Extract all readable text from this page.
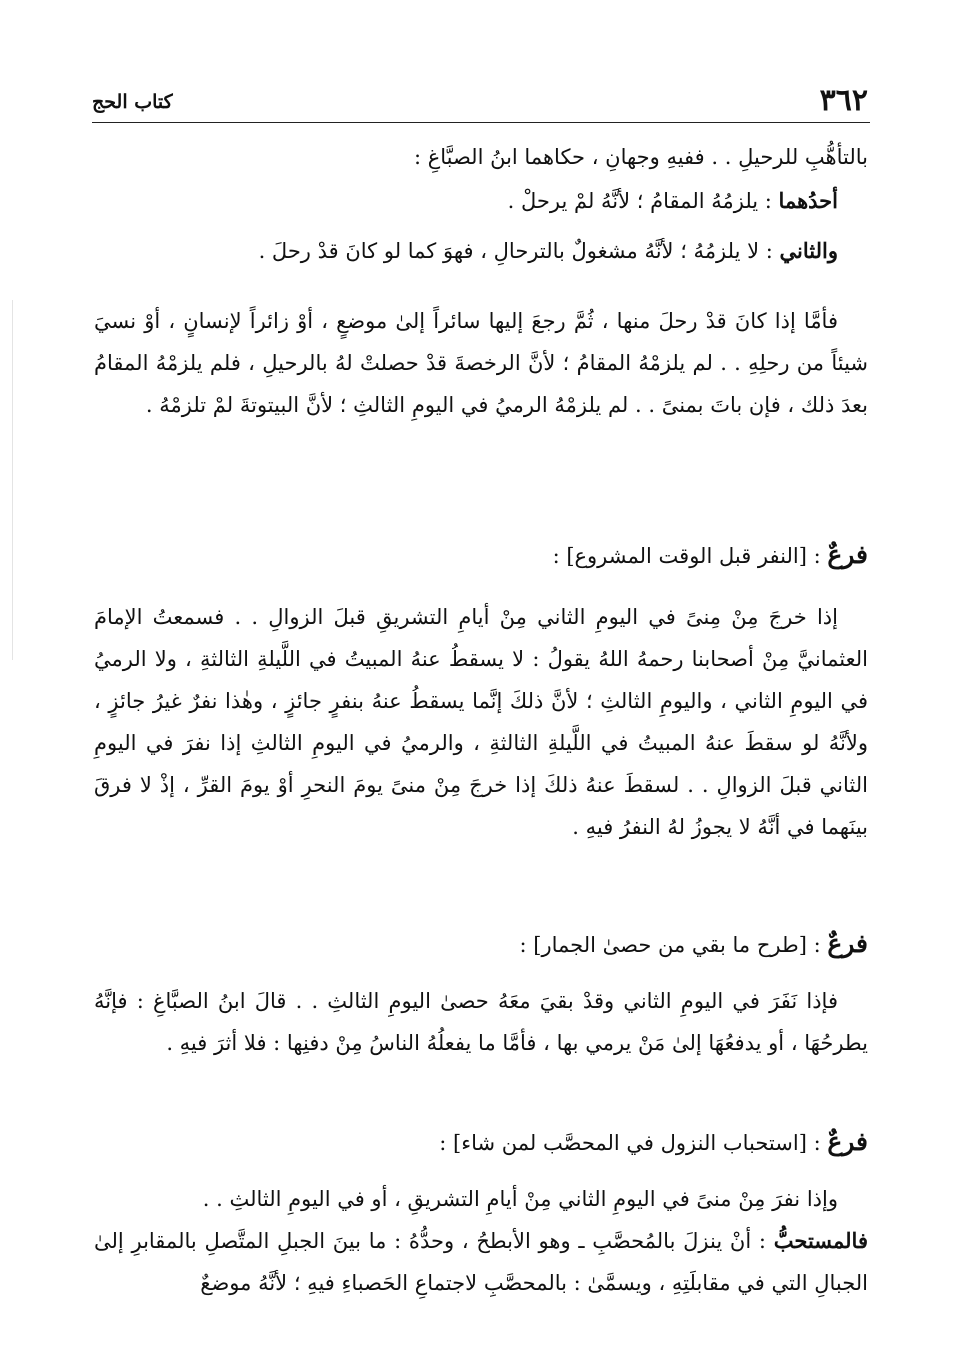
٣٦٢
كتاب الحج

بالتأهُّبِ للرحيلِ . . ففيهِ وجهانِ ، حكاهما ابنُ الصبَّاغِ :

أحدُهما : يلزمُهُ المقامُ ؛ لأنَّهُ لمْ يرحلْ .

والثاني : لا يلزمُهُ ؛ لأنَّهُ مشغولٌ بالترحالِ ، فهوَ كما لو كانَ قدْ رحلَ .

فأمَّا إذا كانَ قدْ رحلَ منها ، ثُمَّ رجعَ إليها سائراً إلىٰ موضعٍ ، أوْ زائراً لإنسانٍ ، أوْ نسيَ شيئاً من رحلِهِ . . لم يلزمْهُ المقامُ ؛ لأنَّ الرخصةَ قدْ حصلتْ لهُ بالرحيلِ ، فلم يلزمْهُ المقامُ بعدَ ذلك ، فإن باتَ بمنىً . . لم يلزمْهُ الرميُ في اليومِ الثالثِ ؛ لأنَّ البيتوتةَ لمْ تلزمْهُ .

فرعٌ : [النفر قبل الوقت المشروع] :

إذا خرجَ مِنْ مِنىً في اليومِ الثاني مِنْ أيامِ التشريقِ قبلَ الزوالِ . . فسمعتُ الإمامَ العثمانيَّ مِنْ أصحابنا رحمهُ اللهُ يقولُ : لا يسقطُ عنهُ المبيتُ في اللَّيلةِ الثالثةِ ، ولا الرميُ في اليومِ الثاني ، واليومِ الثالثِ ؛ لأنَّ ذلكَ إنَّما يسقطُ عنهُ بنفرٍ جائزٍ ، وهٰذا نفرٌ غيرُ جائزٍ ، ولأنَّهُ لو سقطَ عنهُ المبيتُ في اللَّيلةِ الثالثةِ ، والرميُ في اليومِ الثالثِ إذا نفرَ في اليومِ الثاني قبلَ الزوالِ . . لسقطَ عنهُ ذلكَ إذا خرجَ مِنْ منىً يومَ النحرِ أوْ يومَ القرِّ ، إذْ لا فرقَ بينَهما في أنَّهُ لا يجوزُ لهُ النفرُ فيهِ .

فرعٌ : [طرح ما بقي من حصىٰ الجمار] :

فإذا نَفَرَ في اليومِ الثاني وقدْ بقيَ معَهُ حصىٰ اليومِ الثالثِ . . قالَ ابنُ الصبَّاغِ : فإنَّهُ يطرحُهَا ، أو يدفعُهَا إلىٰ مَنْ يرمي بها ، فأمَّا ما يفعلُهُ الناسُ مِنْ دفنِها : فلا أثرَ فيهِ .

فرعٌ : [استحباب النزول في المحصَّب لمن شاء] :

وإذا نفرَ مِنْ منىً في اليومِ الثاني مِنْ أيامِ التشريقِ ، أو في اليومِ الثالثِ . .

فالمستحبُّ : أنْ ينزلَ بالمُحصَّبِ ـ وهو الأبطحُ ، وحدُّهُ : ما بينَ الجبلِ المتَّصلِ بالمقابرِ إلىٰ الجبالِ التي في مقابلَتِهِ ، ويسمَّىٰ : بالمحصَّبِ لاجتماعِ الحَصباءِ فيهِ ؛ لأنَّهُ موضعٌ
